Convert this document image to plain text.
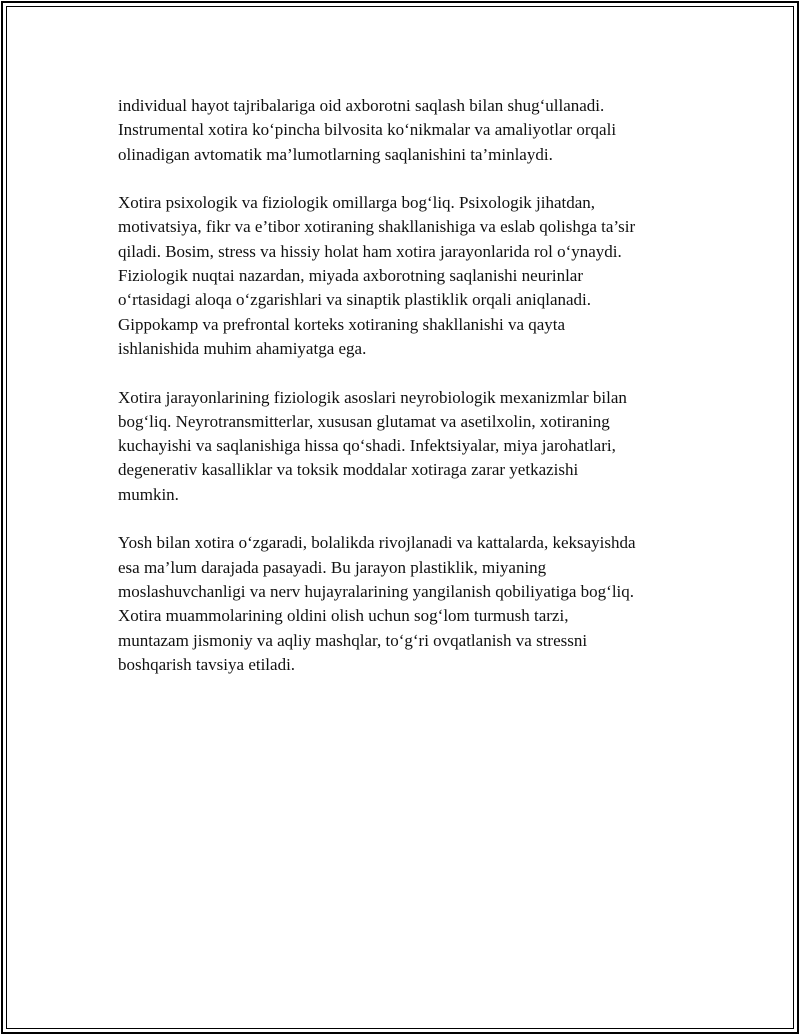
individual hayot tajribalariga oid axborotni saqlash bilan shug‘ullanadi.
Instrumental xotira ko‘pincha bilvosita ko‘nikmalar va amaliyotlar orqali
olinadigan avtomatik ma’lumotlarning saqlanishini ta’minlaydi.

Xotira psixologik va fiziologik omillarga bog‘liq. Psixologik jihatdan,
motivatsiya, fikr va e’tibor xotiraning shakllanishiga va eslab qolishga ta’sir
qiladi. Bosim, stress va hissiy holat ham xotira jarayonlarida rol o‘ynaydi.
Fiziologik nuqtai nazardan, miyada axborotning saqlanishi neurinlar
o‘rtasidagi aloqa o‘zgarishlari va sinaptik plastiklik orqali aniqlanadi.
Gippokamp va prefrontal korteks xotiraning shakllanishi va qayta
ishlanishida muhim ahamiyatga ega.

Xotira jarayonlarining fiziologik asoslari neyrobiologik mexanizmlar bilan
bog‘liq. Neyrotransmitterlar, xususan glutamat va asetilxolin, xotiraning
kuchayishi va saqlanishiga hissa qo‘shadi. Infektsiyalar, miya jarohatlari,
degenerativ kasalliklar va toksik moddalar xotiraga zarar yetkazishi
mumkin.

Yosh bilan xotira o‘zgaradi, bolalikda rivojlanadi va kattalarda, keksayishda
esa ma’lum darajada pasayadi. Bu jarayon plastiklik, miyaning
moslashuvchanligi va nerv hujayralarining yangilanish qobiliyatiga bog‘liq.
Xotira muammolarining oldini olish uchun sog‘lom turmush tarzi,
muntazam jismoniy va aqliy mashqlar, to‘g‘ri ovqatlanish va stressni
boshqarish tavsiya etiladi.
